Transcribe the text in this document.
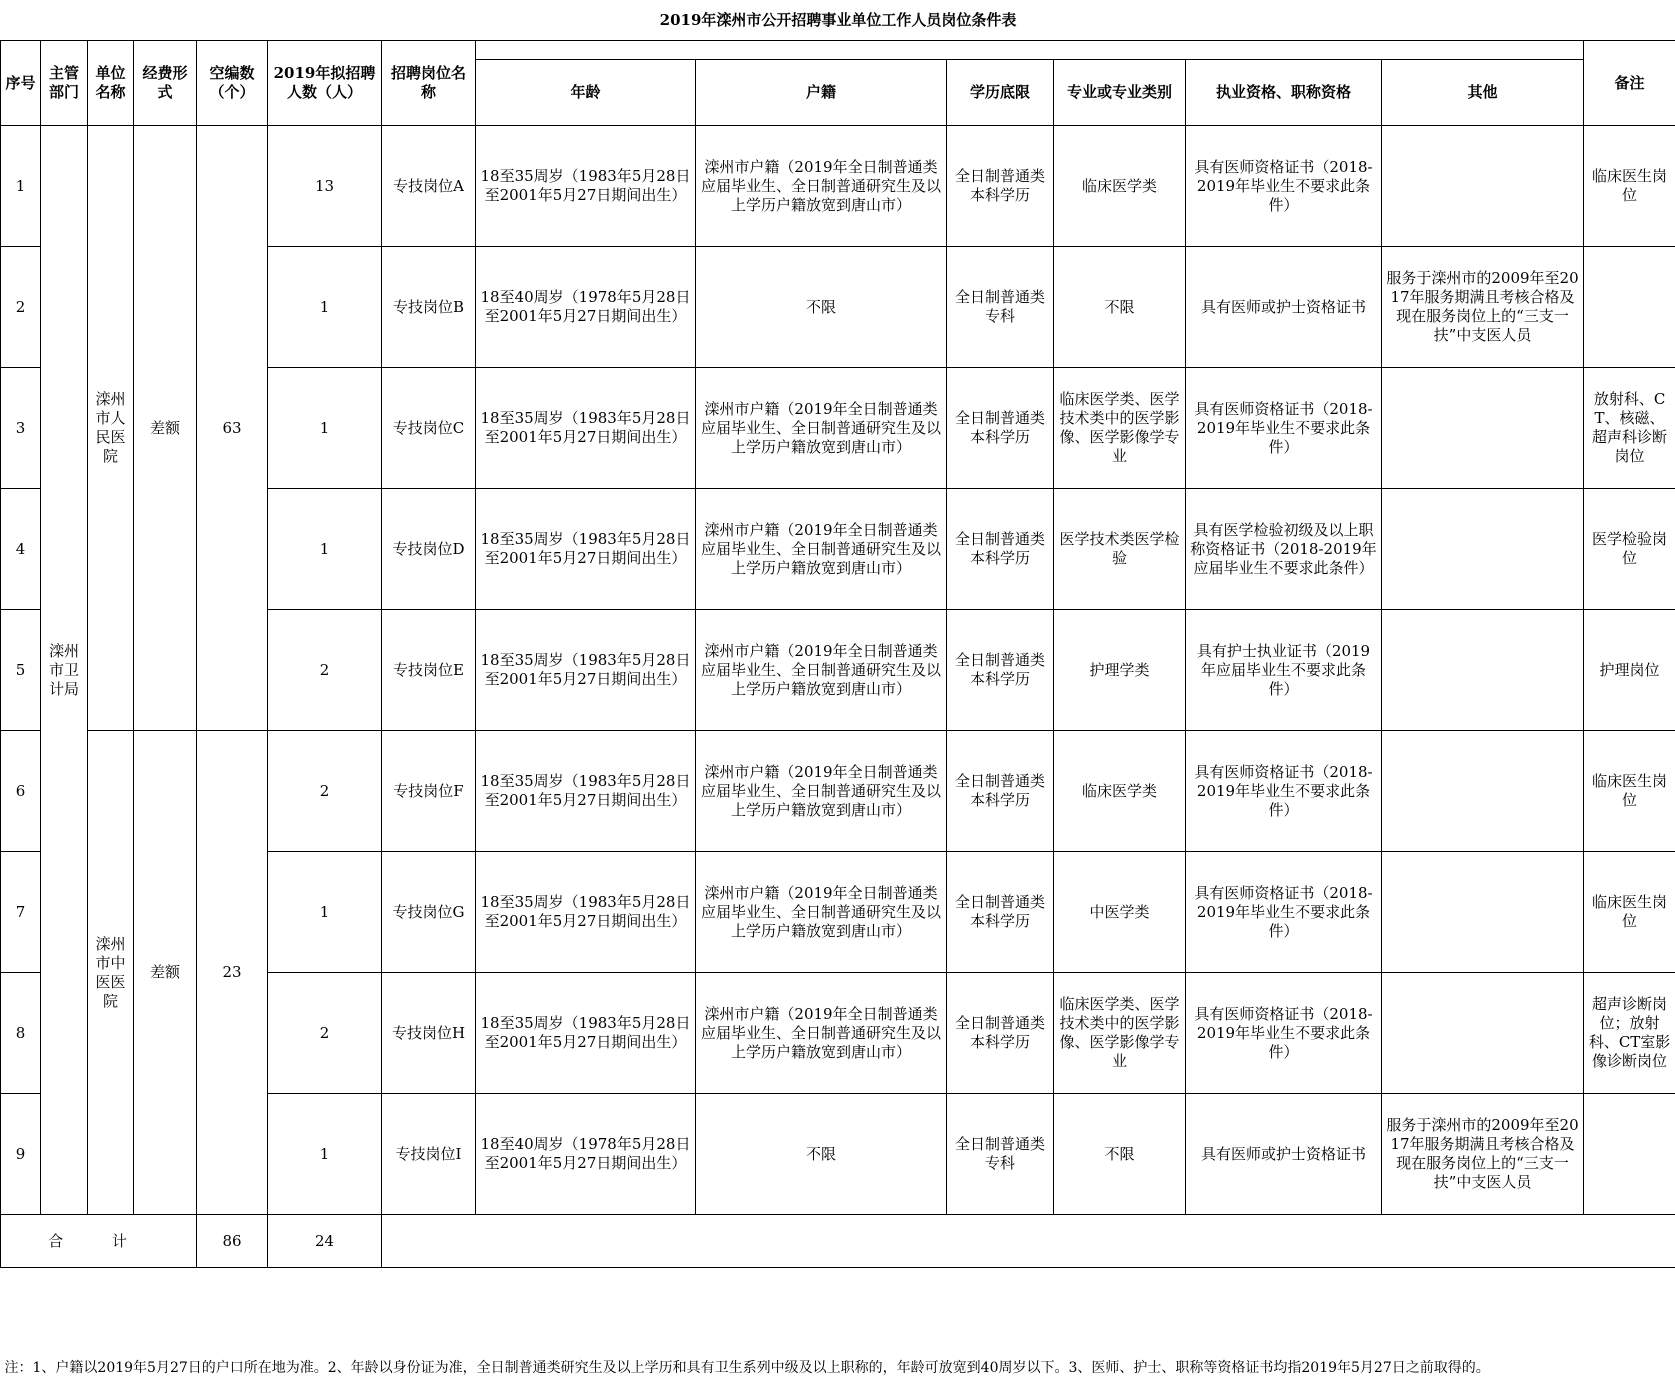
2019年滦州市公开招聘事业单位工作人员岗位条件表													
序号	主管部门	单位名称	经费形式	空编数（个）	2019年拟招聘人数（人）	招聘岗位名称							备注
							年龄	户籍	学历底限	专业或专业类别	执业资格、职称资格	其他	
1	滦州市卫计局	滦州市人民医院	差额	63	13	专技岗位A	18至35周岁（1983年5月28日至2001年5月27日期间出生）	滦州市户籍（2019年全日制普通类应届毕业生、全日制普通研究生及以上学历户籍放宽到唐山市）	全日制普通类本科学历	临床医学类	具有医师资格证书（2018-2019年毕业生不要求此条件）		临床医生岗位
2					1	专技岗位B	18至40周岁（1978年5月28日至2001年5月27日期间出生）	不限	全日制普通类专科	不限	具有医师或护士资格证书	服务于滦州市的2009年至2017年服务期满且考核合格及现在服务岗位上的“三支一扶”中支医人员	
3					1	专技岗位C	18至35周岁（1983年5月28日至2001年5月27日期间出生）	滦州市户籍（2019年全日制普通类应届毕业生、全日制普通研究生及以上学历户籍放宽到唐山市）	全日制普通类本科学历	临床医学类、医学技术类中的医学影像、医学影像学专业	具有医师资格证书（2018-2019年毕业生不要求此条件）		放射科、CT、核磁、超声科诊断岗位
4					1	专技岗位D	18至35周岁（1983年5月28日至2001年5月27日期间出生）	滦州市户籍（2019年全日制普通类应届毕业生、全日制普通研究生及以上学历户籍放宽到唐山市）	全日制普通类本科学历	医学技术类医学检验	具有医学检验初级及以上职称资格证书（2018-2019年应届毕业生不要求此条件）		医学检验岗位
5					2	专技岗位E	18至35周岁（1983年5月28日至2001年5月27日期间出生）	滦州市户籍（2019年全日制普通类应届毕业生、全日制普通研究生及以上学历户籍放宽到唐山市）	全日制普通类本科学历	护理学类	具有护士执业证书（2019年应届毕业生不要求此条件）		护理岗位
6		滦州市中医医院	差额	23	2	专技岗位F	18至35周岁（1983年5月28日至2001年5月27日期间出生）	滦州市户籍（2019年全日制普通类应届毕业生、全日制普通研究生及以上学历户籍放宽到唐山市）	全日制普通类本科学历	临床医学类	具有医师资格证书（2018-2019年毕业生不要求此条件）		临床医生岗位
7					1	专技岗位G	18至35周岁（1983年5月28日至2001年5月27日期间出生）	滦州市户籍（2019年全日制普通类应届毕业生、全日制普通研究生及以上学历户籍放宽到唐山市）	全日制普通类本科学历	中医学类	具有医师资格证书（2018-2019年毕业生不要求此条件）		临床医生岗位
8					2	专技岗位H	18至35周岁（1983年5月28日至2001年5月27日期间出生）	滦州市户籍（2019年全日制普通类应届毕业生、全日制普通研究生及以上学历户籍放宽到唐山市）	全日制普通类本科学历	临床医学类、医学技术类中的医学影像、医学影像学专业	具有医师资格证书（2018-2019年毕业生不要求此条件）		超声诊断岗位；放射科、CT室影像诊断岗位
9					1	专技岗位I	18至40周岁（1978年5月28日至2001年5月27日期间出生）	不限	全日制普通类专科	不限	具有医师或护士资格证书	服务于滦州市的2009年至2017年服务期满且考核合格及现在服务岗位上的“三支一扶”中支医人员	
合 计				86	24								

注：1、户籍以2019年5月27日的户口所在地为准。2、年龄以身份证为准，全日制普通类研究生及以上学历和具有卫生系列中级及以上职称的，年龄可放宽到40周岁以下。3、医师、护士、职称等资格证书均指2019年5月27日之前取得的。													
